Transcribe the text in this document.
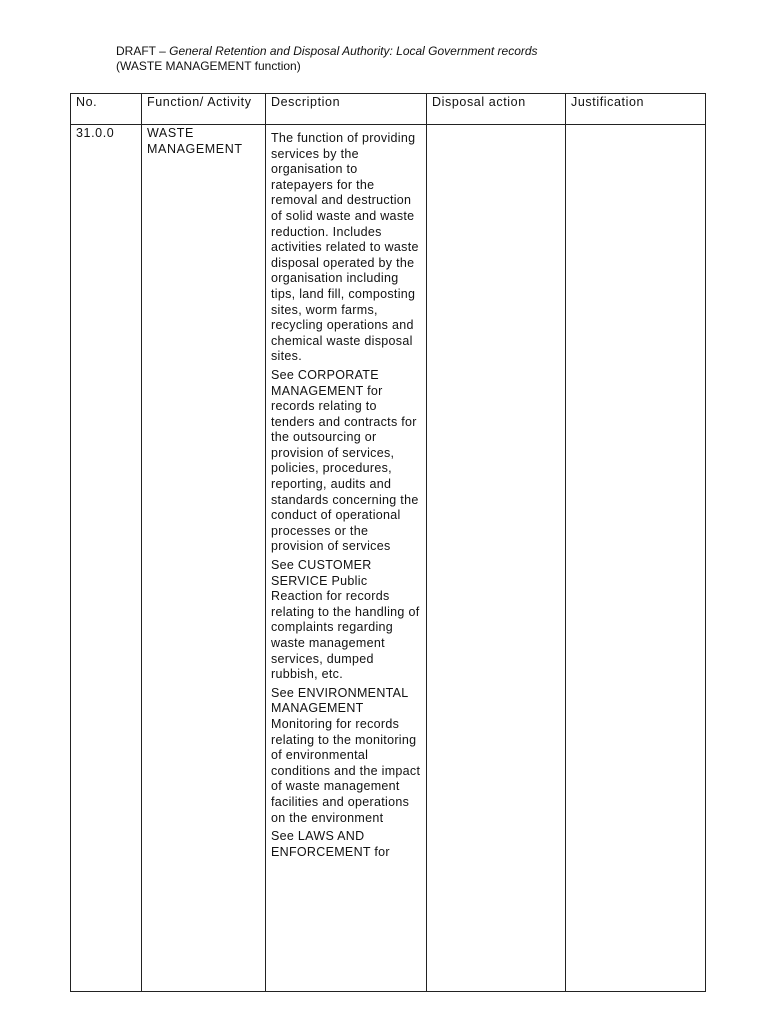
DRAFT – General Retention and Disposal Authority: Local Government records
(WASTE MANAGEMENT function)
No.	Function/ Activity	Description	Disposal action	Justification
31.0.0	WASTE MANAGEMENT	The function of providing services by the organisation to ratepayers for the removal and destruction of solid waste and waste reduction. Includes activities related to waste disposal operated by the organisation including tips, land fill, composting sites, worm farms, recycling operations and chemical waste disposal sites.

See CORPORATE MANAGEMENT for records relating to tenders and contracts for the outsourcing or provision of services, policies, procedures, reporting, audits and standards concerning the conduct of operational processes or the provision of services

See CUSTOMER SERVICE Public Reaction for records relating to the handling of complaints regarding waste management services, dumped rubbish, etc.

See ENVIRONMENTAL MANAGEMENT Monitoring for records relating to the monitoring of environmental conditions and the impact of waste management facilities and operations on the environment

See LAWS AND ENFORCEMENT for		
